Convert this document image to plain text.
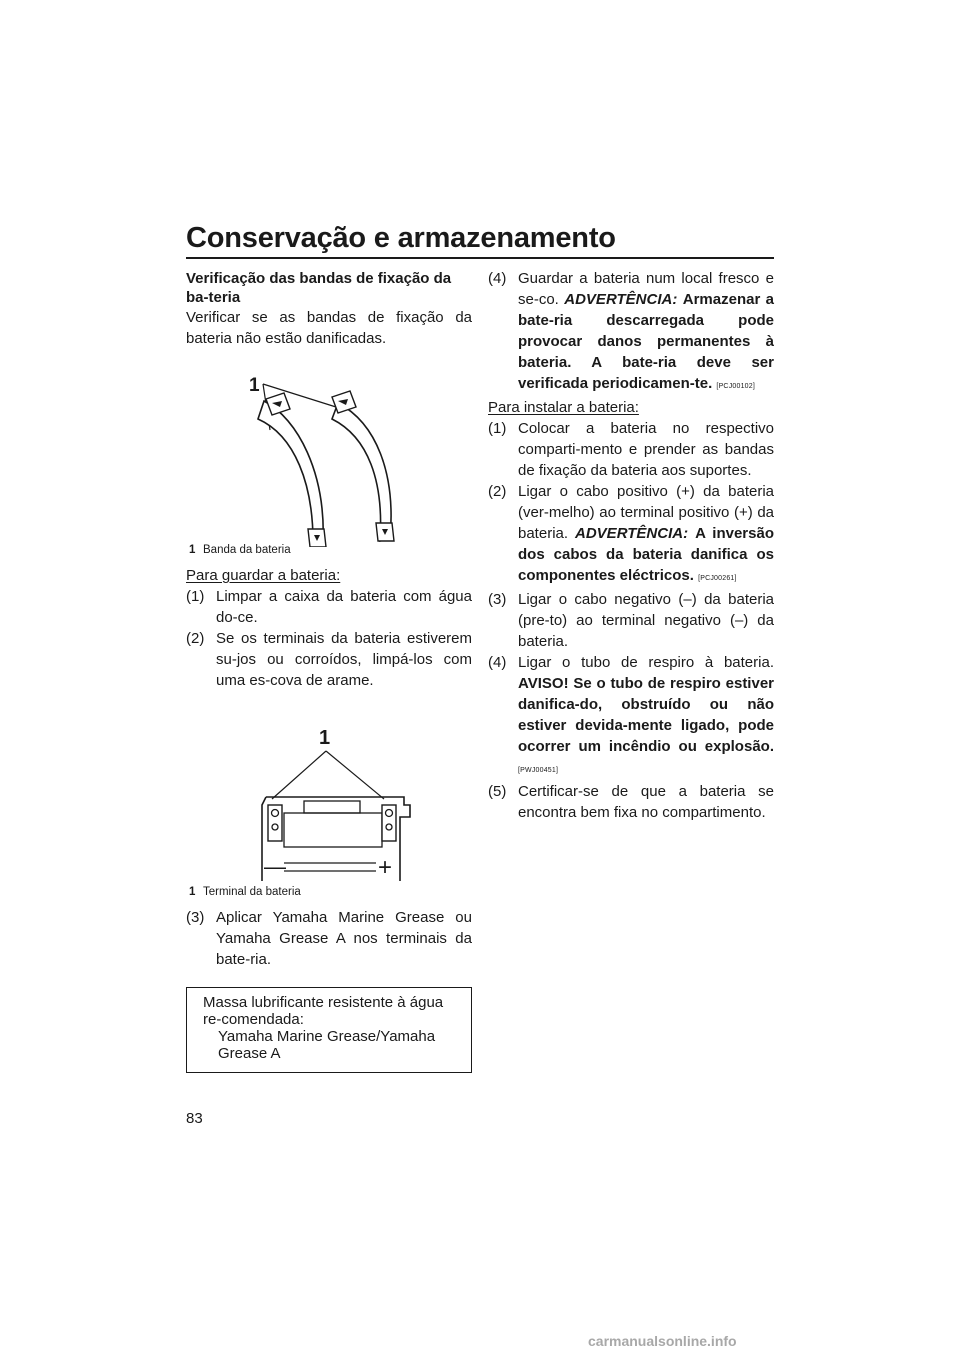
Conservação e armazenamento

Verificação das bandas de fixação da ba-teria

Verificar se as bandas de fixação da bateria não estão danificadas.

1
1 Banda da bateria

Para guardar a bateria:

(1) Limpar a caixa da bateria com água do-ce.
(2) Se os terminais da bateria estiverem su-jos ou corroídos, limpá-los com uma es-cova de arame.
1
—	+
1 Terminal da bateria
(3) Aplicar Yamaha Marine Grease ou Yamaha Grease A nos terminais da bate-ria.

Massa lubrificante resistente à água re-comendada:

Yamaha Marine Grease/Yamaha Grease A

(4) Guardar a bateria num local fresco e se-co. ADVERTÊNCIA: Armazenar a bate-ria descarregada pode provocar danos permanentes à bateria. A bate-ria deve ser verificada periodicamen-te. [PCJ00102]

Para instalar a bateria:

(1) Colocar a bateria no respectivo comparti-mento e prender as bandas de fixação da bateria aos suportes.
(2) Ligar o cabo positivo (+) da bateria (ver-melho) ao terminal positivo (+) da bateria. ADVERTÊNCIA: A inversão dos cabos da bateria danifica os componentes eléctricos. [PCJ00261]
(3) Ligar o cabo negativo (–) da bateria (pre-to) ao terminal negativo (–) da bateria.
(4) Ligar o tubo de respiro à bateria. AVISO! Se o tubo de respiro estiver danifica-do, obstruído ou não estiver devida-mente ligado, pode ocorrer um incêndio ou explosão. [PWJ00451]
(5) Certificar-se de que a bateria se encontra bem fixa no compartimento.
83
carmanualsonline.info
